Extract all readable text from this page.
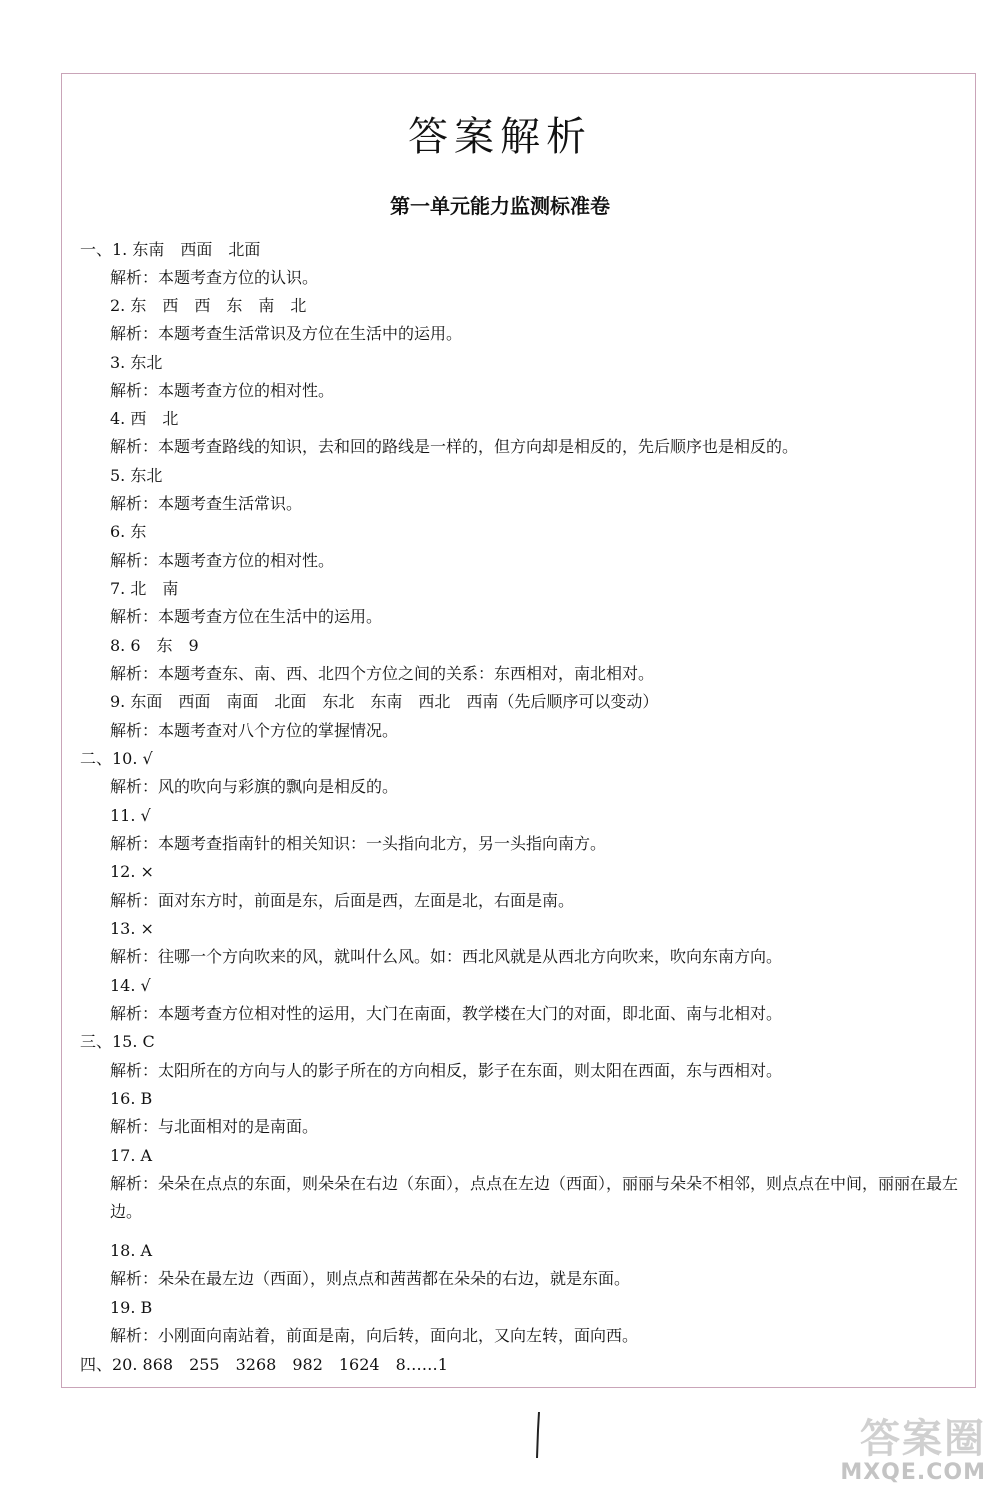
答案解析
第一单元能力监测标准卷
一、1. 东南　西面　北面
解析：本题考查方位的认识。
2. 东　西　西　东　南　北
解析：本题考查生活常识及方位在生活中的运用。
3. 东北
解析：本题考查方位的相对性。
4. 西　北
解析：本题考查路线的知识，去和回的路线是一样的，但方向却是相反的，先后顺序也是相反的。
5. 东北
解析：本题考查生活常识。
6. 东
解析：本题考查方位的相对性。
7. 北　南
解析：本题考查方位在生活中的运用。
8. 6　东　9
解析：本题考查东、南、西、北四个方位之间的关系：东西相对，南北相对。
9. 东面　西面　南面　北面　东北　东南　西北　西南（先后顺序可以变动）
解析：本题考查对八个方位的掌握情况。
二、10. √
解析：风的吹向与彩旗的飘向是相反的。
11. √
解析：本题考查指南针的相关知识：一头指向北方，另一头指向南方。
12. ×
解析：面对东方时，前面是东，后面是西，左面是北，右面是南。
13. ×
解析：往哪一个方向吹来的风，就叫什么风。如：西北风就是从西北方向吹来，吹向东南方向。
14. √
解析：本题考查方位相对性的运用，大门在南面，教学楼在大门的对面，即北面、南与北相对。
三、15. C
解析：太阳所在的方向与人的影子所在的方向相反，影子在东面，则太阳在西面，东与西相对。
16. B
解析：与北面相对的是南面。
17. A
解析：朵朵在点点的东面，则朵朵在右边（东面），点点在左边（西面），丽丽与朵朵不相邻，则点点在中间，丽丽在最左边。
18. A
解析：朵朵在最左边（西面），则点点和茜茜都在朵朵的右边，就是东面。
19. B
解析：小刚面向南站着，前面是南，向后转，面向北，又向左转，面向西。
四、20. 868　255　3268　982　1624　8……1
答案圈
MXQE.COM
